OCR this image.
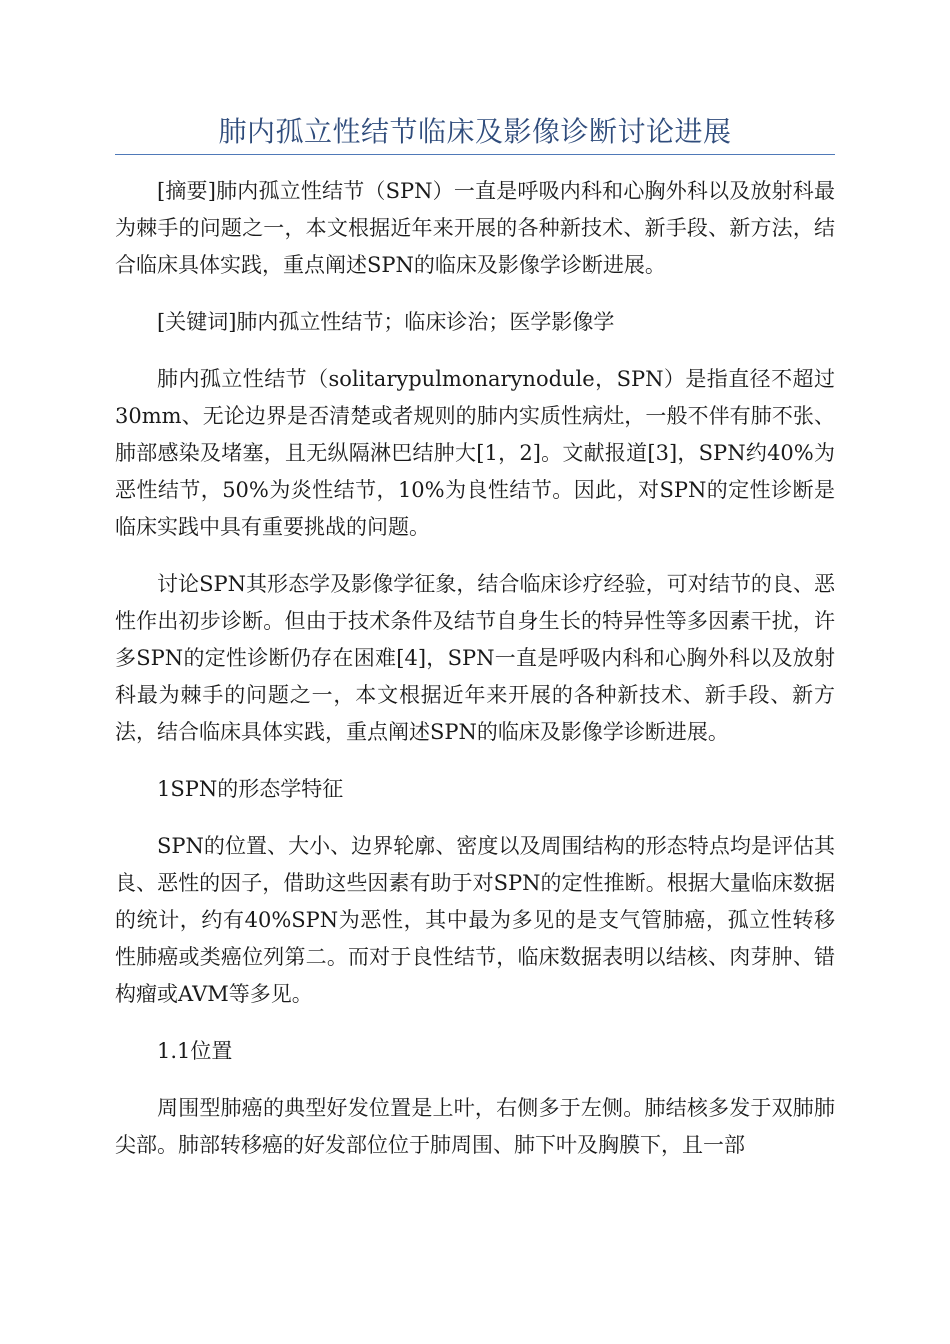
肺内孤立性结节临床及影像诊断讨论进展

[摘要]肺内孤立性结节（SPN）一直是呼吸内科和心胸外科以及放射科最为棘手的问题之一，本文根据近年来开展的各种新技术、新手段、新方法，结合临床具体实践，重点阐述SPN的临床及影像学诊断进展。

[关键词]肺内孤立性结节；临床诊治；医学影像学

肺内孤立性结节（solitarypulmonarynodule，SPN）是指直径不超过30mm、无论边界是否清楚或者规则的肺内实质性病灶，一般不伴有肺不张、肺部感染及堵塞，且无纵隔淋巴结肿大[1，2]。文献报道[3]，SPN约40%为恶性结节，50%为炎性结节，10%为良性结节。因此，对SPN的定性诊断是临床实践中具有重要挑战的问题。

讨论SPN其形态学及影像学征象，结合临床诊疗经验，可对结节的良、恶性作出初步诊断。但由于技术条件及结节自身生长的特异性等多因素干扰，许多SPN的定性诊断仍存在困难[4]，SPN一直是呼吸内科和心胸外科以及放射科最为棘手的问题之一，本文根据近年来开展的各种新技术、新手段、新方法，结合临床具体实践，重点阐述SPN的临床及影像学诊断进展。

1SPN的形态学特征

SPN的位置、大小、边界轮廓、密度以及周围结构的形态特点均是评估其良、恶性的因子，借助这些因素有助于对SPN的定性推断。根据大量临床数据的统计，约有40%SPN为恶性，其中最为多见的是支气管肺癌，孤立性转移性肺癌或类癌位列第二。而对于良性结节，临床数据表明以结核、肉芽肿、错构瘤或AVM等多见。

1.1位置

周围型肺癌的典型好发位置是上叶，右侧多于左侧。肺结核多发于双肺肺尖部。肺部转移癌的好发部位位于肺周围、肺下叶及胸膜下，且一部
